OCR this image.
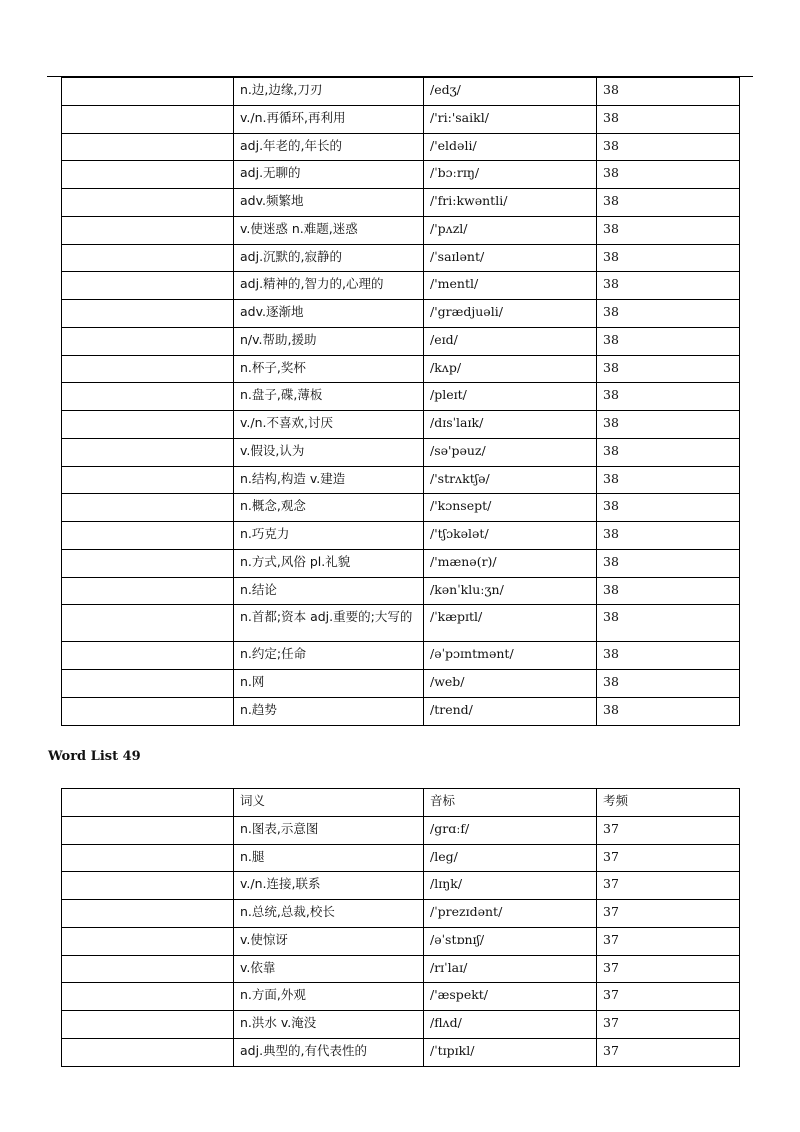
	n.边,边缘,刀刃	/edʒ/	38
	v./n.再循环,再利用	/'ri:'saikl/	38
	adj.年老的,年长的	/'eldəli/	38
	adj.无聊的	/ˈbɔːrɪŋ/	38
	adv.频繁地	/'fri:kwəntli/	38
	v.使迷惑 n.难题,迷惑	/'pʌzl/	38
	adj.沉默的,寂静的	/ˈsaɪlənt/	38
	adj.精神的,智力的,心理的	/'mentl/	38
	adv.逐渐地	/'grædjuəli/	38
	n/v.帮助,援助	/eɪd/	38
	n.杯子,奖杯	/kʌp/	38
	n.盘子,碟,薄板	/pleɪt/	38
	v./n.不喜欢,讨厌	/dɪsˈlaɪk/	38
	v.假设,认为	/sə'pəuz/	38
	n.结构,构造 v.建造	/'strʌktʃə/	38
	n.概念,观念	/'kɔnsept/	38
	n.巧克力	/'tʃɔkələt/	38
	n.方式,风俗 pl.礼貌	/'mænə(r)/	38
	n.结论	/kənˈkluːʒn/	38
	n.首都;资本 adj.重要的;大写的	/ˈkæpɪtl/	38
	n.约定;任命	/əˈpɔɪntmənt/	38
	n.网	/web/	38
	n.趋势	/trend/	38
Word List 49
	词义	音标	考频
	n.图表,示意图	/grɑːf/	37
	n.腿	/leg/	37
	v./n.连接,联系	/lɪŋk/	37
	n.总统,总裁,校长	/ˈprezɪdənt/	37
	v.使惊讶	/əˈstɒnɪʃ/	37
	v.依靠	/rɪˈlaɪ/	37
	n.方面,外观	/'æspekt/	37
	n.洪水 v.淹没	/flʌd/	37
	adj.典型的,有代表性的	/ˈtɪpɪkl/	37
